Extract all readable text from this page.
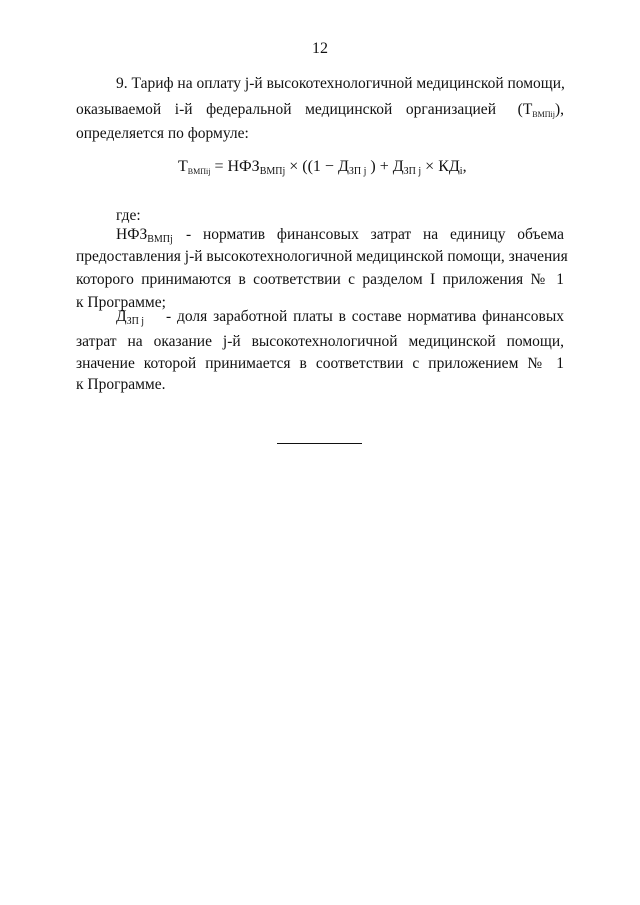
12
9. Тариф на оплату j-й высокотехнологичной медицинской помощи,
оказываемой i-й федеральной медицинской организацией $(Т_{ВМПij})$,
определяется по формуле:
$Т_{ВМПij} = НФЗ_{ВМПj} \times ((1 - Д_{ЗП j}$ ) + $Д_{ЗП j} \times КД_i$,
где:
$НФЗ_{ВМПj}$ - норматив финансовых затрат на единицу объема
предоставления j-й высокотехнологичной медицинской помощи, значения
которого принимаются в соответствии с разделом I приложения № 1
к Программе;
$Д_{ЗП j}$ - доля заработной платы в составе норматива финансовых
затрат на оказание j-й высокотехнологичной медицинской помощи,
значение которой принимается в соответствии с приложением № 1
к Программе.
